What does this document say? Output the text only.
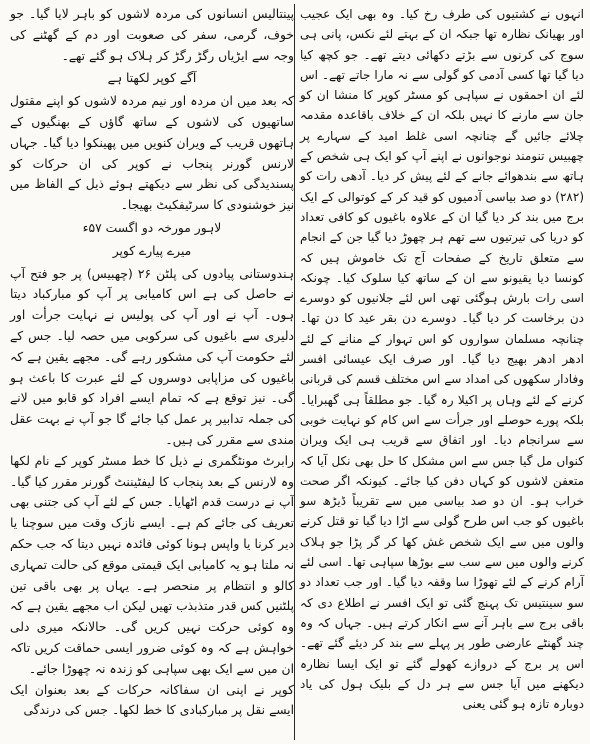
انہوں نے کشتیوں کی طرف رخ کیا۔ وہ بھی ایک عجیب اور بھیانک نظارہ تھا جبکہ ان کے بہتے لئے نکس، پانی ہی سوج کی کرنوں سے بڑتے دکھائی دیتے تھے۔ جو کچھ کیا دیا گیا تھا کسی آدمی کو گولی سے نہ مارا جاتے تھے۔ اس لئے ان احمقوں نے سپاہی کو مسٹر کوپر کا منشا ان کو جان سے مارنے کا نہیں بلکہ ان کے خلاف باقاعدہ مقدمہ چلائے جائیں گے چنانچہ اسی غلط امید کے سہارے پر چھبیس تنومند نوجوانوں نے اپنے آپ کو ایک ہی شخص کے ہاتھ سے بندھوائے جانے کے لئے پیش کر دیا۔ آدھی رات کو (۲۸۲) دو صد بیاسی آدمیوں کو قید کر کے کوتوالی کے ایک برج میں بند کر دیا گیا ان کے علاوہ باغیوں کو کافی تعداد کو دریا کی تیرتیوں سے تھم ہر چھوڑ دیا گیا جن کے انجام سے متعلق تاریخ کے صفحات آج تک خاموش ہیں کہ کونسا دیا یقیونو سے ان کے ساتھ کیا سلوک کیا۔ چونکہ اسی رات بارش ہوگئی تھی اس لئے جلانیوں کو دوسرے دن برخاست کر دیا گیا۔ دوسرے دن بقر عید کا دن تھا۔ چنانچہ مسلمان سواروں کو اس تہوار کے منانے کے لئے ادھر ادھر بھیج دیا گیا۔ اور صرف ایک عیسائی افسر وفادار سکھوں کی امداد سے اس مختلف قسم کی قربانی کرنے کے لئے وہاں پر اکیلا رہ گیا۔ جو مطلقاً ہی گھبرایا۔ بلکہ پورے حوصلے اور جرأت سے اس کام کو نہایت خوبی سے سرانجام دیا۔ اور اتفاق سے قریب ہی ایک ویران کنواں مل گیا جس سے اس مشکل کا حل بھی نکل آیا کہ متعفن لاشوں کو کہاں دفن کیا جائے۔ کیونکہ اگر صحت خراب ہو۔ ان دو صد بیاسی میں سے تقریباً ڈیڑھ سو باغیوں کو جب اس طرح گولی سے اڑا دیا گیا تو قتل کرنے والوں میں سے ایک شخص غش کھا کر گر پڑا جو ہلاک کرنے والوں میں سے سب سے بوڑھا سپاہی تھا۔ اسی لئے آرام کرنے کے لئے تھوڑا سا وقفہ دیا گیا۔ اور جب تعداد دو سو سینتیس تک پہنچ گئی تو ایک افسر نے اطلاع دی کہ باقی برج سے باہر آنے سے انکار کرتے ہیں۔ جہاں کہ وہ چند گھنٹے عارضی طور پر پہلے سے بند کر دیئے گئے تھے۔ اس پر برج کے دروازے کھولے گئے تو ایک ایسا نظارہ دیکھنے میں آیا جس سے ہر دل کے بلیک ہول کی یاد دوبارہ تازہ ہو گئی یعنی

پینتالیس انسانوں کی مردہ لاشوں کو باہر لایا گیا۔ جو خوف، گرمی، سفر کی صعوبت اور دم کے گھٹنے کی وجہ سے ایڑیاں رگڑ رگڑ کر ہلاک ہو گئے تھے۔

آگے کوپر لکھتا ہے

کہ بعد میں ان مردہ اور نیم مردہ لاشوں کو اپنے مقتول ساتھیوں کی لاشوں کے ساتھ گاؤں کے بھنگیوں کے ہاتھوں قریب کے ویران کنویں میں پھینکوا دیا گیا۔ جہاں لارنس گورنر پنجاب نے کوپر کی ان حرکات کو پسندیدگی کی نظر سے دیکھتے ہوئے ذیل کے الفاظ میں نیز خوشنودی کا سرٹیفکیٹ بھیجا۔

لاہور مورخہ دو اگست ۵۷ء

میرے پیارے کوپر

ہندوستانی پیادوں کی پلٹن ۲۶ (چھبیس) پر جو فتح آپ نے حاصل کی ہے اس کامیابی پر آپ کو مبارکباد دیتا ہوں۔ آپ نے اور آپ کی پولیس نے نہایت جرأت اور دلیری سے باغیوں کی سرکوبی میں حصہ لیا۔ جس کے لئے حکومت آپ کی مشکور رہے گی۔ مجھے یقین ہے کہ باغیوں کی مزاپابی دوسروں کے لئے عبرت کا باعث ہو گی۔ نیز توقع ہے کہ تمام ایسے افراد کو قابو میں لانے کی جملہ تدابیر پر عمل کیا جائے گا جو آپ نے بہت عقل مندی سے مقرر کی ہیں۔

رابرٹ مونٹگمری نے ذیل کا خط مسٹر کوپر کے نام لکھا وہ لارنس کے بعد پنجاب کا لیفٹیننٹ گورنر مقرر کیا گیا۔ آپ نے درست قدم اٹھایا۔ جس کے لئے آپ کی جتنی بھی تعریف کی جائے کم ہے۔ ایسے نازک وقت میں سوچنا یا دیر کرنا یا واپس ہونا کوئی فائدہ نہیں دیتا کہ جب حکم نہ ملتا ہو یہ کامیابی ایک قیمتی موقع کی حالت تمہاری کالو و انتظام پر منحصر ہے۔ یہاں پر بھی باقی تین پلٹنیں کس قدر متذبذب تھیں لیکن اب مجھے یقین ہے کہ وہ کوئی حرکت نہیں کریں گی۔ حالانکہ میری دلی خواہش ہے کہ وہ کوئی ضرور ایسی حماقت کریں تاکہ ان میں سے ایک بھی سپاہی کو زندہ نہ چھوڑا جائے۔

کوپر نے اپنی ان سفاکانہ حرکات کے بعد بعنوان ایک ایسے نقل پر مبارکبادی کا خط لکھا۔ جس کی درندگی
